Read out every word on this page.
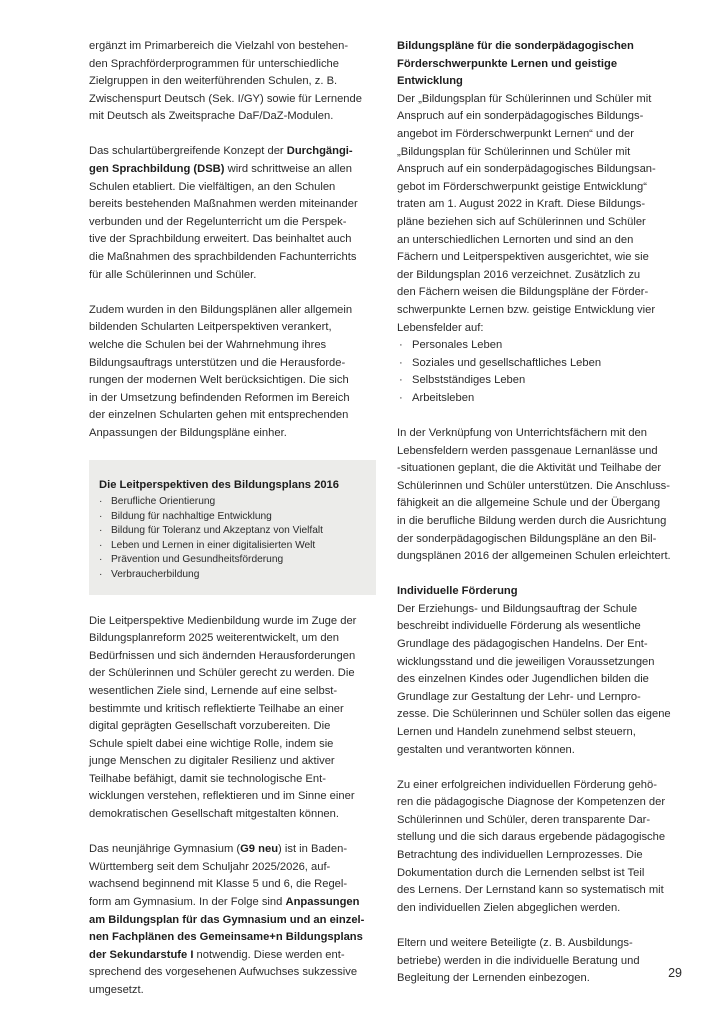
ergänzt im Primarbereich die Vielzahl von bestehen-

den Sprachförderprogrammen für unterschiedliche

Zielgruppen in den weiterführenden Schulen, z. B.

Zwischenspurt Deutsch (Sek. I/GY) sowie für Lernende

mit Deutsch als Zweitsprache DaF/DaZ-Modulen.

Das schulartübergreifende Konzept der Durchgängi-

gen Sprachbildung (DSB) wird schrittweise an allen

Schulen etabliert. Die vielfältigen, an den Schulen

bereits bestehenden Maßnahmen werden miteinander

verbunden und der Regelunterricht um die Perspek-

tive der Sprachbildung erweitert. Das beinhaltet auch

die Maßnahmen des sprachbildenden Fachunterrichts

für alle Schülerinnen und Schüler.

Zudem wurden in den Bildungsplänen aller allgemein

bildenden Schularten Leitperspektiven verankert,

welche die Schulen bei der Wahrnehmung ihres

Bildungsauftrags unterstützen und die Herausforde-

rungen der modernen Welt berücksichtigen. Die sich

in der Umsetzung befindenden Reformen im Bereich

der einzelnen Schularten gehen mit entsprechenden

Anpassungen der Bildungspläne einher.

Die Leitperspektiven des Bildungsplans 2016
· Berufliche Orientierung
· Bildung für nachhaltige Entwicklung
· Bildung für Toleranz und Akzeptanz von Vielfalt
· Leben und Lernen in einer digitalisierten Welt
· Prävention und Gesundheitsförderung
· Verbraucherbildung

Die Leitperspektive Medienbildung wurde im Zuge der

Bildungsplanreform 2025 weiterentwickelt, um den

Bedürfnissen und sich ändernden Herausforderungen

der Schülerinnen und Schüler gerecht zu werden. Die

wesentlichen Ziele sind, Lernende auf eine selbst-

bestimmte und kritisch reflektierte Teilhabe an einer

digital geprägten Gesellschaft vorzubereiten. Die

Schule spielt dabei eine wichtige Rolle, indem sie

junge Menschen zu digitaler Resilienz und aktiver

Teilhabe befähigt, damit sie technologische Ent-

wicklungen verstehen, reflektieren und im Sinne einer

demokratischen Gesellschaft mitgestalten können.

Das neunjährige Gymnasium (G9 neu) ist in Baden-

Württemberg seit dem Schuljahr 2025/2026, auf-

wachsend beginnend mit Klasse 5 und 6, die Regel-

form am Gymnasium. In der Folge sind Anpassungen

am Bildungsplan für das Gymnasium und an einzel-

nen Fachplänen des Gemeinsame+n Bildungsplans

der Sekundarstufe I notwendig. Diese werden ent-

sprechend des vorgesehenen Aufwuchses sukzessive

umgesetzt.

Bildungspläne für die sonderpädagogischen
Förderschwerpunkte Lernen und geistige
Entwicklung

Der „Bildungsplan für Schülerinnen und Schüler mit

Anspruch auf ein sonderpädagogisches Bildungs-

angebot im Förderschwerpunkt Lernen“ und der

„Bildungsplan für Schülerinnen und Schüler mit

Anspruch auf ein sonderpädagogisches Bildungsan-

gebot im Förderschwerpunkt geistige Entwicklung“

traten am 1. August 2022 in Kraft. Diese Bildungs-

pläne beziehen sich auf Schülerinnen und Schüler

an unterschiedlichen Lernorten und sind an den

Fächern und Leitperspektiven ausgerichtet, wie sie

der Bildungsplan 2016 verzeichnet. Zusätzlich zu

den Fächern weisen die Bildungspläne der Förder-

schwerpunkte Lernen bzw. geistige Entwicklung vier

Lebensfelder auf:

· Personales Leben
· Soziales und gesellschaftliches Leben
· Selbstständiges Leben
· Arbeitsleben

In der Verknüpfung von Unterrichtsfächern mit den

Lebensfeldern werden passgenaue Lernanlässe und

-situationen geplant, die die Aktivität und Teilhabe der

Schülerinnen und Schüler unterstützen. Die Anschluss-

fähigkeit an die allgemeine Schule und der Übergang

in die berufliche Bildung werden durch die Ausrichtung

der sonderpädagogischen Bildungspläne an den Bil-

dungsplänen 2016 der allgemeinen Schulen erleichtert.

Individuelle Förderung

Der Erziehungs- und Bildungsauftrag der Schule

beschreibt individuelle Förderung als wesentliche

Grundlage des pädagogischen Handelns. Der Ent-

wicklungsstand und die jeweiligen Voraussetzungen

des einzelnen Kindes oder Jugendlichen bilden die

Grundlage zur Gestaltung der Lehr- und Lernpro-

zesse. Die Schülerinnen und Schüler sollen das eigene

Lernen und Handeln zunehmend selbst steuern,

gestalten und verantworten können.

Zu einer erfolgreichen individuellen Förderung gehö-

ren die pädagogische Diagnose der Kompetenzen der

Schülerinnen und Schüler, deren transparente Dar-

stellung und die sich daraus ergebende pädagogische

Betrachtung des individuellen Lernprozesses. Die

Dokumentation durch die Lernenden selbst ist Teil

des Lernens. Der Lernstand kann so systematisch mit

den individuellen Zielen abgeglichen werden.

Eltern und weitere Beteiligte (z. B. Ausbildungs-

betriebe) werden in die individuelle Beratung und

Begleitung der Lernenden einbezogen.	29
